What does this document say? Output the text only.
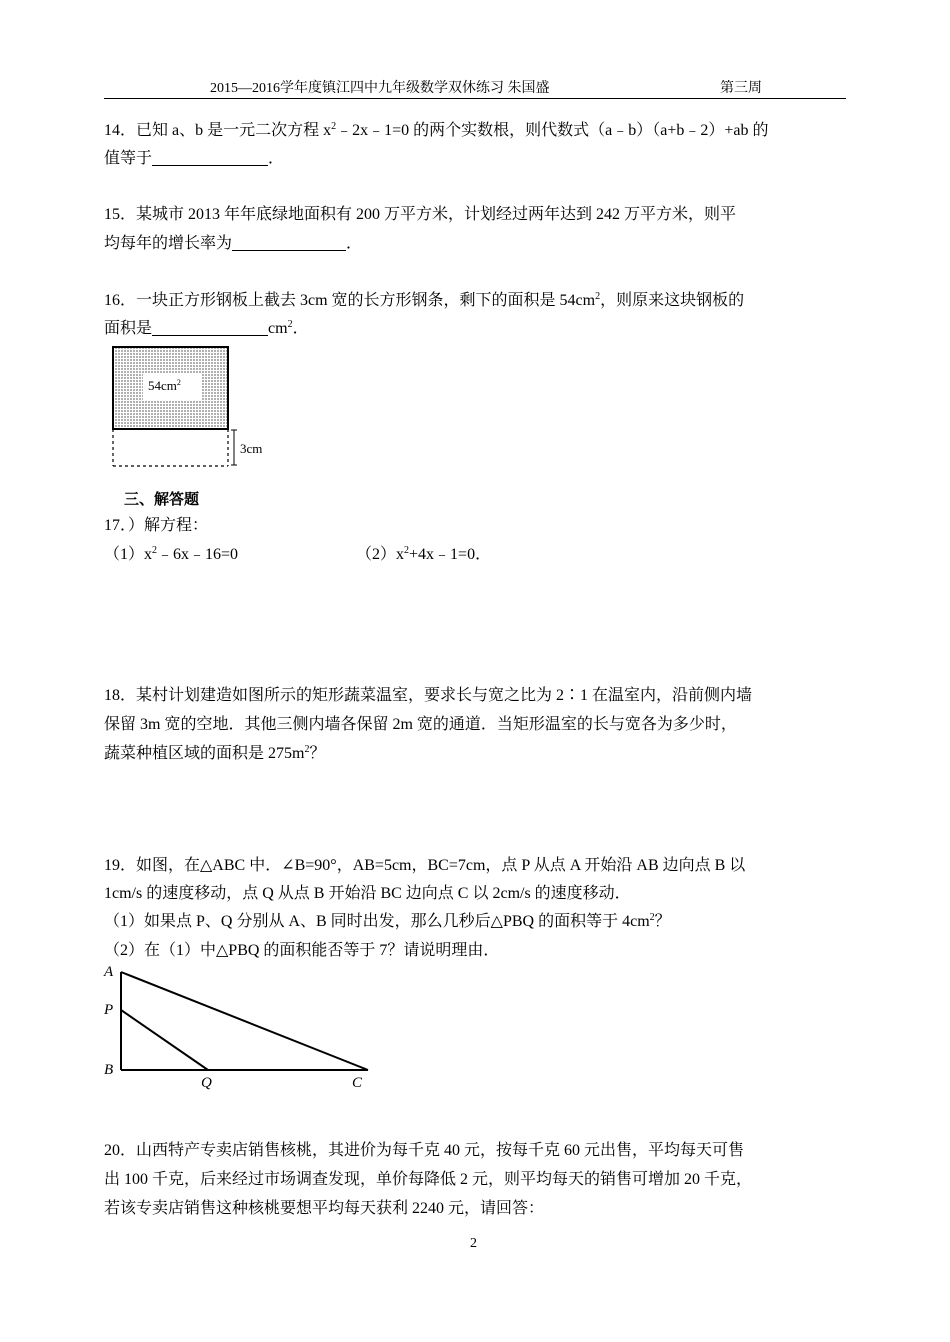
2015—2016学年度镇江四中九年级数学双休练习 朱国盛	第三周
14．已知 a、b 是一元二次方程 $x^2﹣2x﹣1=0$ 的两个实数根，则代数式（a﹣b）（a+b﹣2）+ab 的
值等于	．
15．某城市 2013 年年底绿地面积有 200 万平方米，计划经过两年达到 242 万平方米，则平
均每年的增长率为	．
16．一块正方形钢板上截去 3cm 宽的长方形钢条，剩下的面积是 $54cm^2$，则原来这块钢板的
面积是	$cm^2$．
$54cm^2$
3cm
三、解答题
17．）解方程：
$(1)x^2﹣6x﹣16=0$	$(2)x^2+4x﹣1=0$．
18．某村计划建造如图所示的矩形蔬菜温室，要求长与宽之比为 2∶1 在温室内，沿前侧内墙
保留 3m 宽的空地．其他三侧内墙各保留 2m 宽的通道．当矩形温室的长与宽各为多少时，
蔬菜种植区域的面积是 $275m^2$？
19．如图，在△ABC 中．∠B=90°，AB=5cm，BC=7cm，点 P 从点 A 开始沿 AB 边向点 B 以
1cm/s 的速度移动，点 Q 从点 B 开始沿 BC 边向点 C 以 2cm/s 的速度移动．
（1）如果点 P、Q 分别从 A、B 同时出发，那么几秒后△PBQ 的面积等于 $4cm^2$？
（2）在（1）中△PBQ 的面积能否等于 7？请说明理由．
A
P
B
Q	C
20．山西特产专卖店销售核桃，其进价为每千克 40 元，按每千克 60 元出售，平均每天可售
出 100 千克，后来经过市场调查发现，单价每降低 2 元，则平均每天的销售可增加 20 千克，
若该专卖店销售这种核桃要想平均每天获利 2240 元，请回答：
2
